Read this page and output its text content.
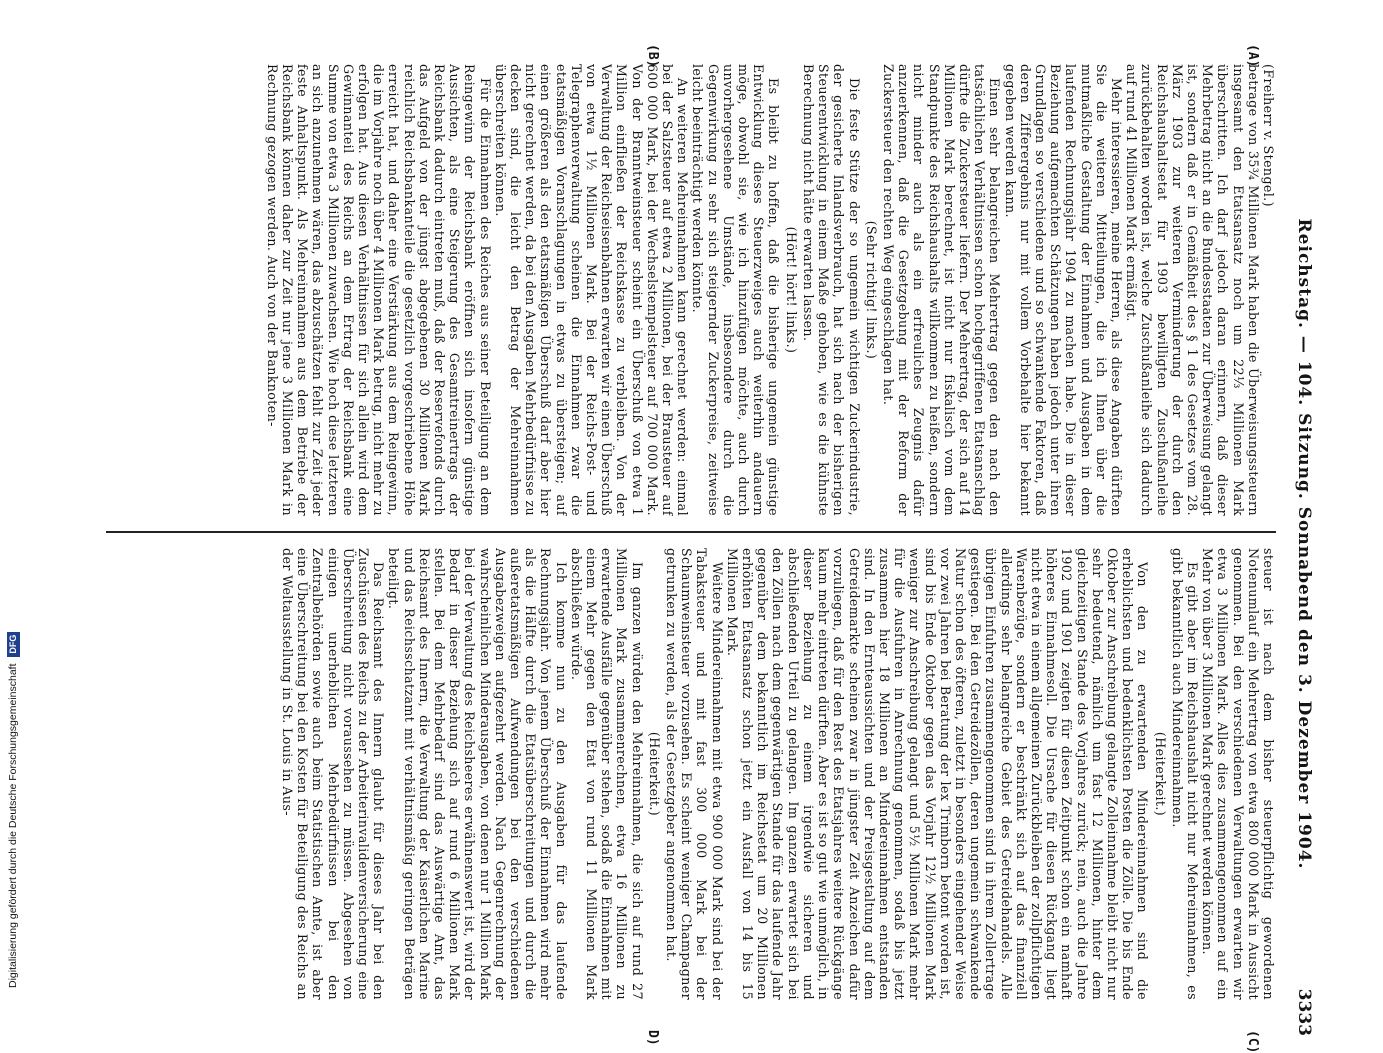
Digitalisierung gefördert durch die Deutsche Forschungsgemeinschaft DFG	Reichstag. — 104. Sitzung. Sonnabend den 3. Dezember 1904.
3333
(A)
(B)
(C)
D)

(Freiherr v. Stengel.)

betrage von 35¾ Millionen Mark haben die Überweisungssteuern insgesamt den Etatsansatz noch um 22⅓ Millionen Mark überschritten. Ich darf jedoch daran erinnern, daß dieser Mehrbetrag nicht an die Bundesstaaten zur Überweisung gelangt ist, sondern daß er in Gemäßheit des § 1 des Gesetzes vom 28. März 1903 zur weiteren Verminderung der durch den Reichshaushaltsetat für 1903 bewilligten Zuschußanleihe zurückbehalten worden ist, welche Zuschußanleihe sich dadurch auf rund 41 Millionen Mark ermäßigt.

Mehr interessieren, meine Herren, als diese Angaben dürften Sie die weiteren Mitteilungen, die ich Ihnen über die mutmaßliche Gestaltung der Einnahmen und Ausgaben in dem laufenden Rechnungsjahr 1904 zu machen habe. Die in dieser Beziehung aufgemachten Schätzungen haben jedoch unter ihren Grundlagen so verschiedene und so schwankende Faktoren, daß deren Zifferergebnis nur mit vollem Vorbehalte hier bekannt gegeben werden kann.

Einen sehr belangreichen Mehrertrag gegen den nach den tatsächlichen Verhältnissen schon hochgegriffenen Etatsanschlag dürfte die Zuckersteuer liefern. Der Mehrertrag, der sich auf 14 Millionen Mark berechnet, ist nicht nur fiskalisch vom dem Standpunkte des Reichshaushalts willkommen zu heißen, sondern nicht minder auch als ein erfreuliches Zeugnis dafür anzuerkennen, daß die Gesetzgebung mit der Reform der Zuckersteuer den rechten Weg eingeschlagen hat.

(Sehr richtig! links.)

Die feste Stütze der so ungemein wichtigen Zuckerindustrie, der gesicherte Inlandsverbrauch, hat sich nach der bisherigen Steuerentwicklung in einem Maße gehoben, wie es die kühnste Berechnung nicht hätte erwarten lassen.

(Hört! hört! links.)

Es bleibt zu hoffen, daß die bisherige ungemein günstige Entwicklung dieses Steuerzweiges auch weiterhin andauern möge, obwohl sie, wie ich hinzufügen möchte, auch durch unvorhergesehene Umstände, insbesondere durch die Gegenwirkung zu sehr sich steigernder Zuckerpreise, zeitweise leicht beeinträchtigt werden könnte.

An weiteren Mehreinnahmen kann gerechnet werden: einmal bei der Salzsteuer auf etwa 2 Millionen, bei der Brausteuer auf 600 000 Mark, bei der Wechselstempelsteuer auf 700 000 Mark. Von der Branntweinsteuer scheint ein Überschuß von etwa 1 Million einfließen der Reichskasse zu verbleiben. Von der Verwaltung der Reichseisenbahnen erwarten wir einen Überschuß von etwa 1½ Millionen Mark. Bei der Reichs-Post- und Telegraphenverwaltung scheinen die Einnahmen zwar die etatsmäßigen Voranschlagungen in etwas zu übersteigen; auf einen größeren als den etatsmäßigen Überschuß darf aber hier nicht gerechnet werden, da bei den Ausgaben Mehrbedürfnisse zu decken sind, die leicht den Betrag der Mehreinnahmen überschreiten können.

Für die Einnahmen des Reiches aus seiner Beteiligung an dem Reingewinn der Reichsbank eröffnen sich insofern günstige Aussichten, als eine Steigerung des Gesamtreinertrags der Reichsbank dadurch eintreten muß, daß der Reservefonds durch das Aufgeld von der jüngst abgegebenen 30 Millionen Mark reichlich Reichsbankanteile die gesetzlich vorgeschriebene Höhe erreicht hat, und daher eine Verstärkung aus dem Reingewinn, die im Vorjahre noch über 4 Millionen Mark betrug, nicht mehr zu erfolgen hat. Aus diesen Verhältnissen für sich allein wird dem Gewinnanteil des Reichs an dem Ertrag der Reichsbank eine Summe von etwa 3 Millionen zuwachsen. Wie hoch diese letzteren an sich anzunehmen wären, das abzuschätzen fehlt zur Zeit jeder feste Anhaltspunkt. Als Mehreinnahmen aus dem Betriebe der Reichsbank können daher zur Zeit nur jene 3 Millionen Mark in Rechnung gezogen werden. Auch von der Banknoten-

steuer ist nach dem bisher steuerpflichtig gewordenen Notenumlauf ein Mehrertrag von etwa 800 000 Mark in Aussicht genommen. Bei den verschiedenen Verwaltungen erwarten wir etwa 3 Millionen Mark. Alles dies zusammengenommen auf ein Mehr von über 3 Millionen Mark gerechnet werden können.

Es gibt aber im Reichshaushalt nicht nur Mehreinnahmen, es gibt bekanntlich auch Mindereinnahmen.

(Heiterkeit.)

Von den zu erwartenden Mindereinnahmen sind die erheblichsten und bedenklichsten Posten die Zölle. Die bis Ende Oktober zur Anschreibung gelangte Zolleinnahme bleibt nicht nur sehr bedeutend, nämlich um fast 12 Millionen, hinter dem gleichzeitigen Stande des Vorjahres zurück; nein, auch die Jahre 1902 und 1901 zeigten für diesen Zeitpunkt schon ein namhaft höheres Einnahmesoll. Die Ursache für diesen Rückgang liegt nicht etwa in einem allgemeinen Zurückbleiben der zollpflichtigen Warenbezüge, sondern er beschränkt sich auf das finanziell allerdings sehr belangreiche Gebiet des Getreidehandels. Alle übrigen Einfuhren zusammengenommen sind in ihrem Zollertrage gestiegen. Bei den Getreidezöllen, deren ungemein schwankende Natur schon des öfteren, zuletzt in besonders eingehender Weise vor zwei Jahren bei Beratung der lex Trimborn betont worden ist, sind bis Ende Oktober gegen das Vorjahr 12½ Millionen Mark weniger zur Anschreibung gelangt und 5½ Millionen Mark mehr für die Ausfuhren in Anrechnung genommen, sodaß bis jetzt zusammen hier 18 Millionen an Mindereinnahmen entstanden sind. In den Ernteaussichten und der Preisgestaltung auf dem Getreidemarkte scheinen zwar in jüngster Zeit Anzeichen dafür vorzuliegen, daß für den Rest des Etatsjahres weitere Rückgänge kaum mehr eintreten dürften. Aber es ist so gut wie unmöglich, in dieser Beziehung zu einem irgendwie sicheren und abschließenden Urteil zu gelangen. Im ganzen erwartet sich bei den Zöllen nach dem gegenwärtigen Stande für das laufende Jahr gegenüber dem bekanntlich im Reichsetat um 20 Millionen erhöhten Etatsansatz schon jetzt ein Ausfall von 14 bis 15 Millionen Mark.

Weitere Mindereinnahmen mit etwa 900 000 Mark sind bei der Tabaksteuer und mit fast 300 000 Mark bei der Schaumweinsteuer vorzusehen. Es scheint weniger Champagner getrunken zu werden, als der Gesetzgeber angenommen hat.

(Heiterkeit.)

Im ganzen würden den Mehreinnahmen, die sich auf rund 27 Millionen Mark zusammenrechnen, etwa 16 Millionen zu erwartende Ausfälle gegenüber stehen, sodaß die Einnahmen mit einem Mehr gegen den Etat von rund 11 Millionen Mark abschließen würde.

Ich komme nun zu den Ausgaben für das laufende Rechnungsjahr. Von jenem Überschuß der Einnahmen wird mehr als die Hälfte durch die Etatsüberschreitungen und durch die außeretatsmäßigen Aufwendungen bei den verschiedenen Ausgabezweigen aufgezehrt werden. Nach Gegenrechnung der wahrscheinlichen Minderausgaben, von denen nur 1 Million Mark bei der Verwaltung des Reichsheeres erwähnenswert ist, wird der Bedarf in dieser Beziehung sich auf rund 6 Millionen Mark stellen. Bei dem Mehrbedarf sind das Auswärtige Amt, das Reichsamt des Innern, die Verwaltung der Kaiserlichen Marine und das Reichsschatzamt mit verhältnismäßig geringen Beträgen beteiligt.

Das Reichsamt des Innern glaubt für dieses Jahr bei den Zuschüssen des Reichs zu der Arbeiterinvalidenversicherung eine Überschreitung nicht voraussehen zu müssen. Abgesehen von einigen unerheblichen Mehrbedürfnissen bei den Zentralbehörden sowie auch beim Statistischen Amte, ist aber eine Überschreitung bei den Kosten für Beteiligung des Reichs an der Weltausstellung in St. Louis in Aus-
